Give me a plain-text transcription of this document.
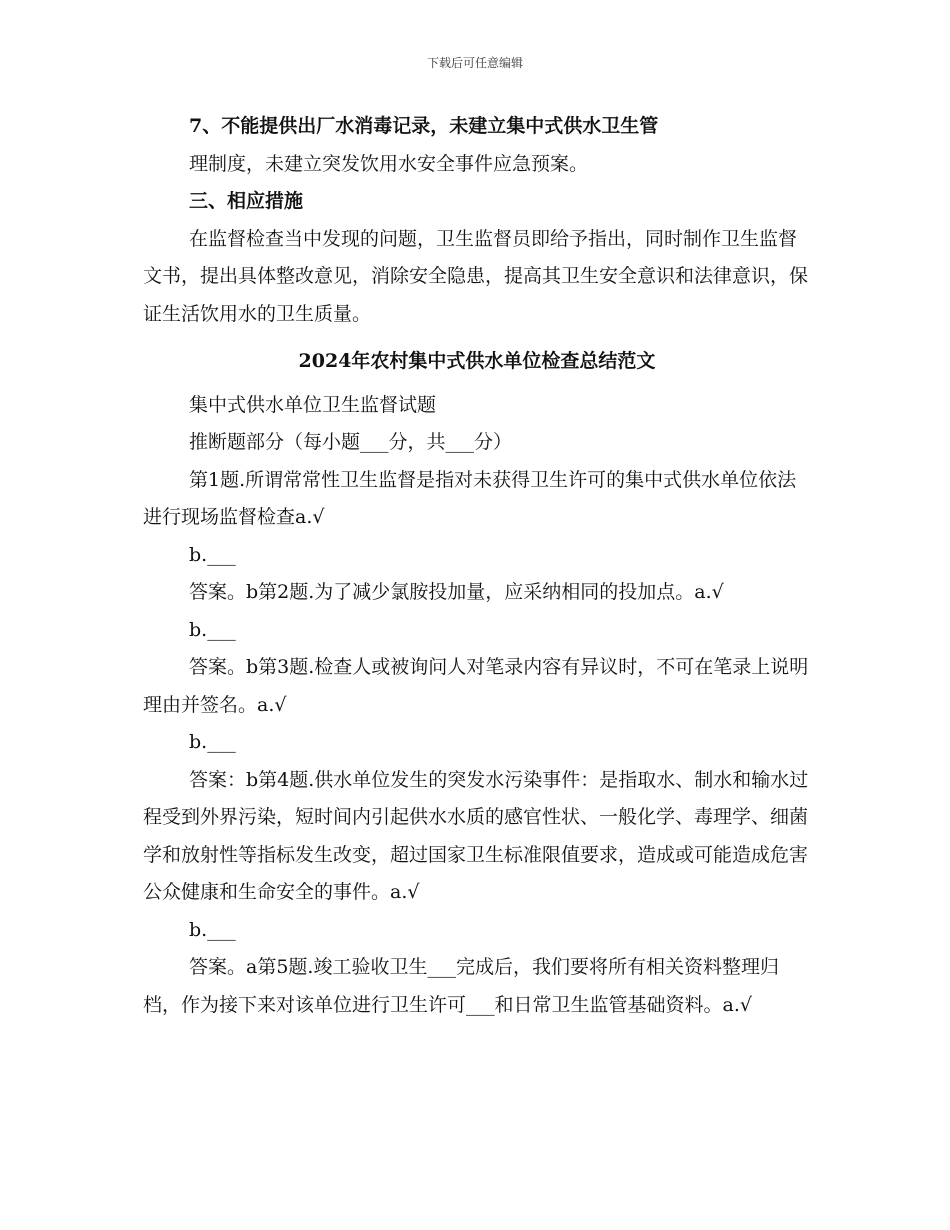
下载后可任意编辑

7、不能提供出厂水消毒记录，未建立集中式供水卫生管

理制度，未建立突发饮用水安全事件应急预案。

三、相应措施

在监督检查当中发现的问题，卫生监督员即给予指出，同时制作卫生监督文书，提出具体整改意见，消除安全隐患，提高其卫生安全意识和法律意识，保证生活饮用水的卫生质量。

2024年农村集中式供水单位检查总结范文

集中式供水单位卫生监督试题

推断题部分（每小题___分，共___分）

第1题.所谓常常性卫生监督是指对未获得卫生许可的集中式供水单位依法进行现场监督检查a.√

b.___

答案。b第2题.为了减少氯胺投加量，应采纳相同的投加点。a.√

b.___

答案。b第3题.检查人或被询问人对笔录内容有异议时，不可在笔录上说明理由并签名。a.√

b.___

答案：b第4题.供水单位发生的突发水污染事件：是指取水、制水和输水过程受到外界污染，短时间内引起供水水质的感官性状、一般化学、毒理学、细菌学和放射性等指标发生改变，超过国家卫生标准限值要求，造成或可能造成危害公众健康和生命安全的事件。a.√

b.___

答案。a第5题.竣工验收卫生___完成后，我们要将所有相关资料整理归档，作为接下来对该单位进行卫生许可___和日常卫生监管基础资料。a.√
